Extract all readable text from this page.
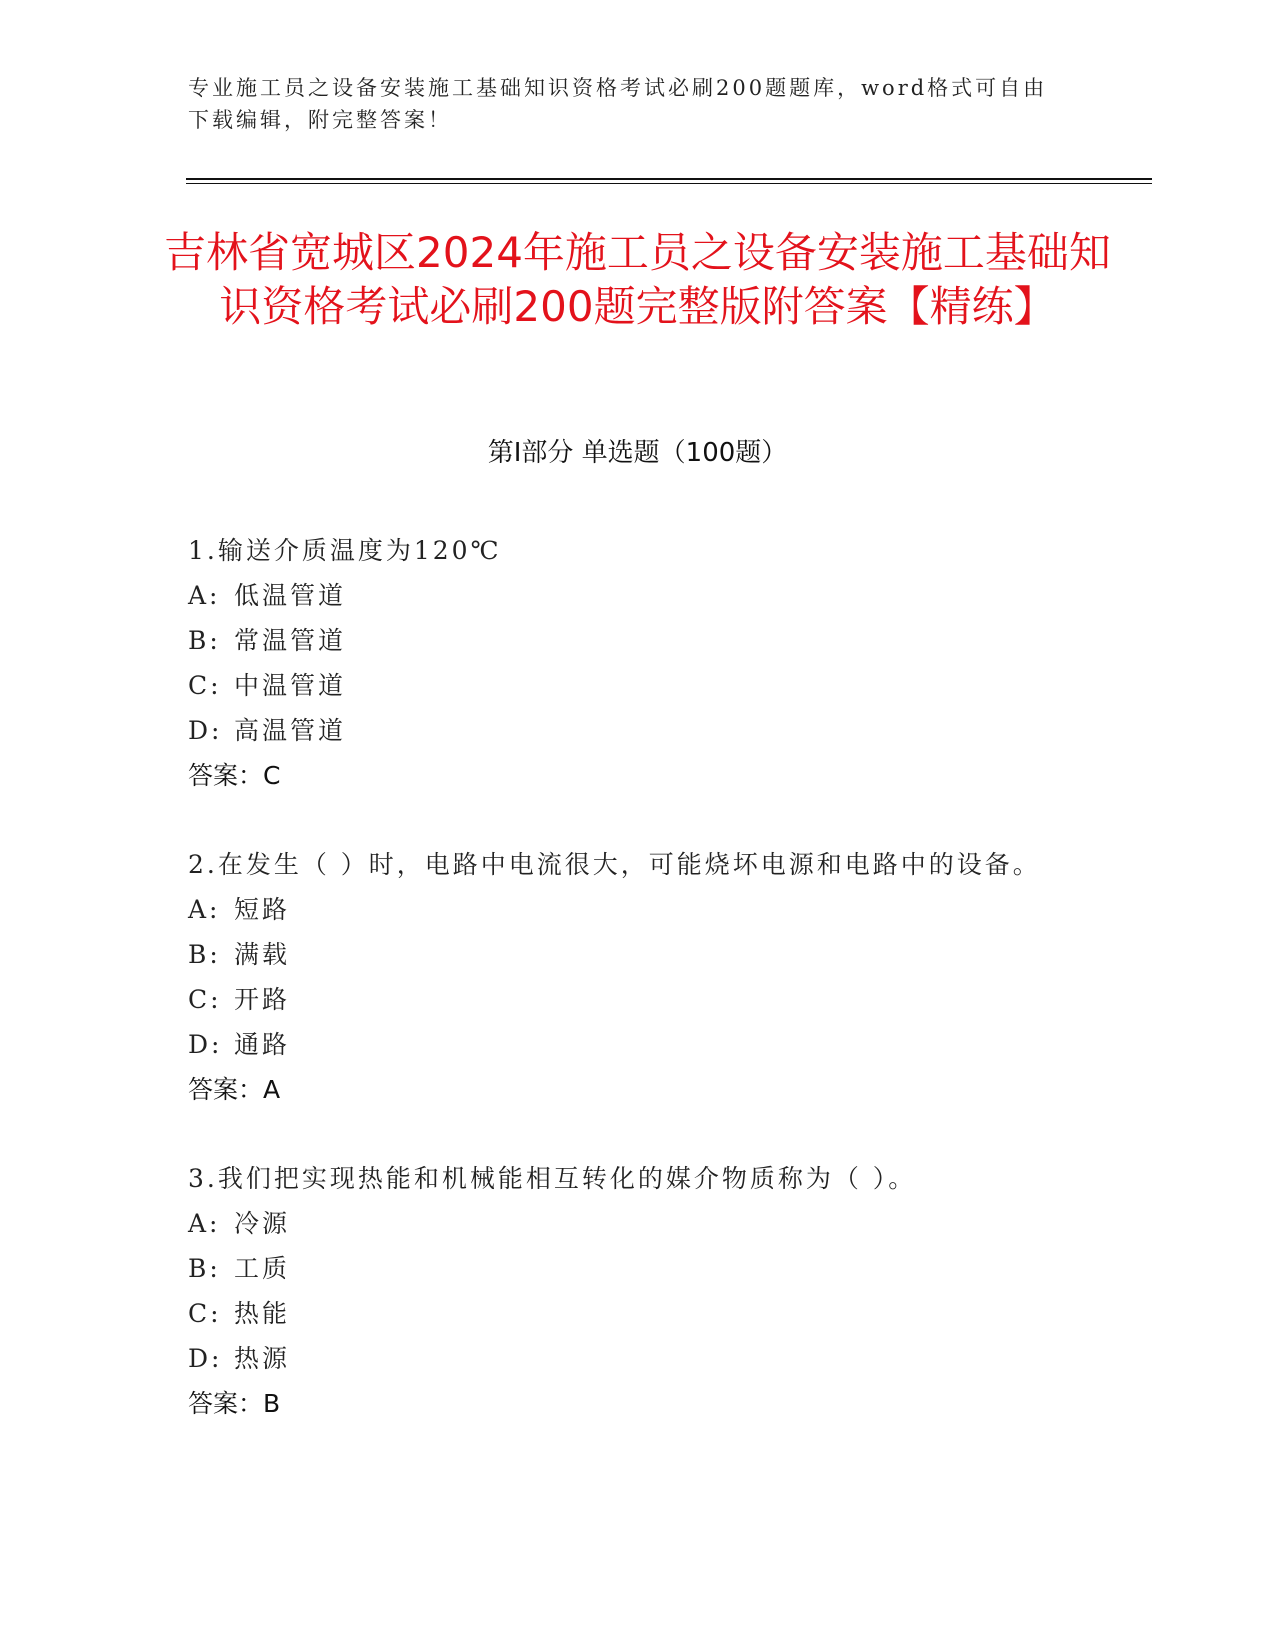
专业施工员之设备安装施工基础知识资格考试必刷200题题库，word格式可自由下载编辑，附完整答案！
吉林省宽城区2024年施工员之设备安装施工基础知识资格考试必刷200题完整版附答案【精练】
第I部分 单选题（100题）
1.输送介质温度为120℃
A: 低温管道
B: 常温管道
C: 中温管道
D: 高温管道
答案：C
2.在发生（ ）时，电路中电流很大，可能烧坏电源和电路中的设备。
A: 短路
B: 满载
C: 开路
D: 通路
答案：A
3.我们把实现热能和机械能相互转化的媒介物质称为（ ）。
A: 冷源
B: 工质
C: 热能
D: 热源
答案：B
